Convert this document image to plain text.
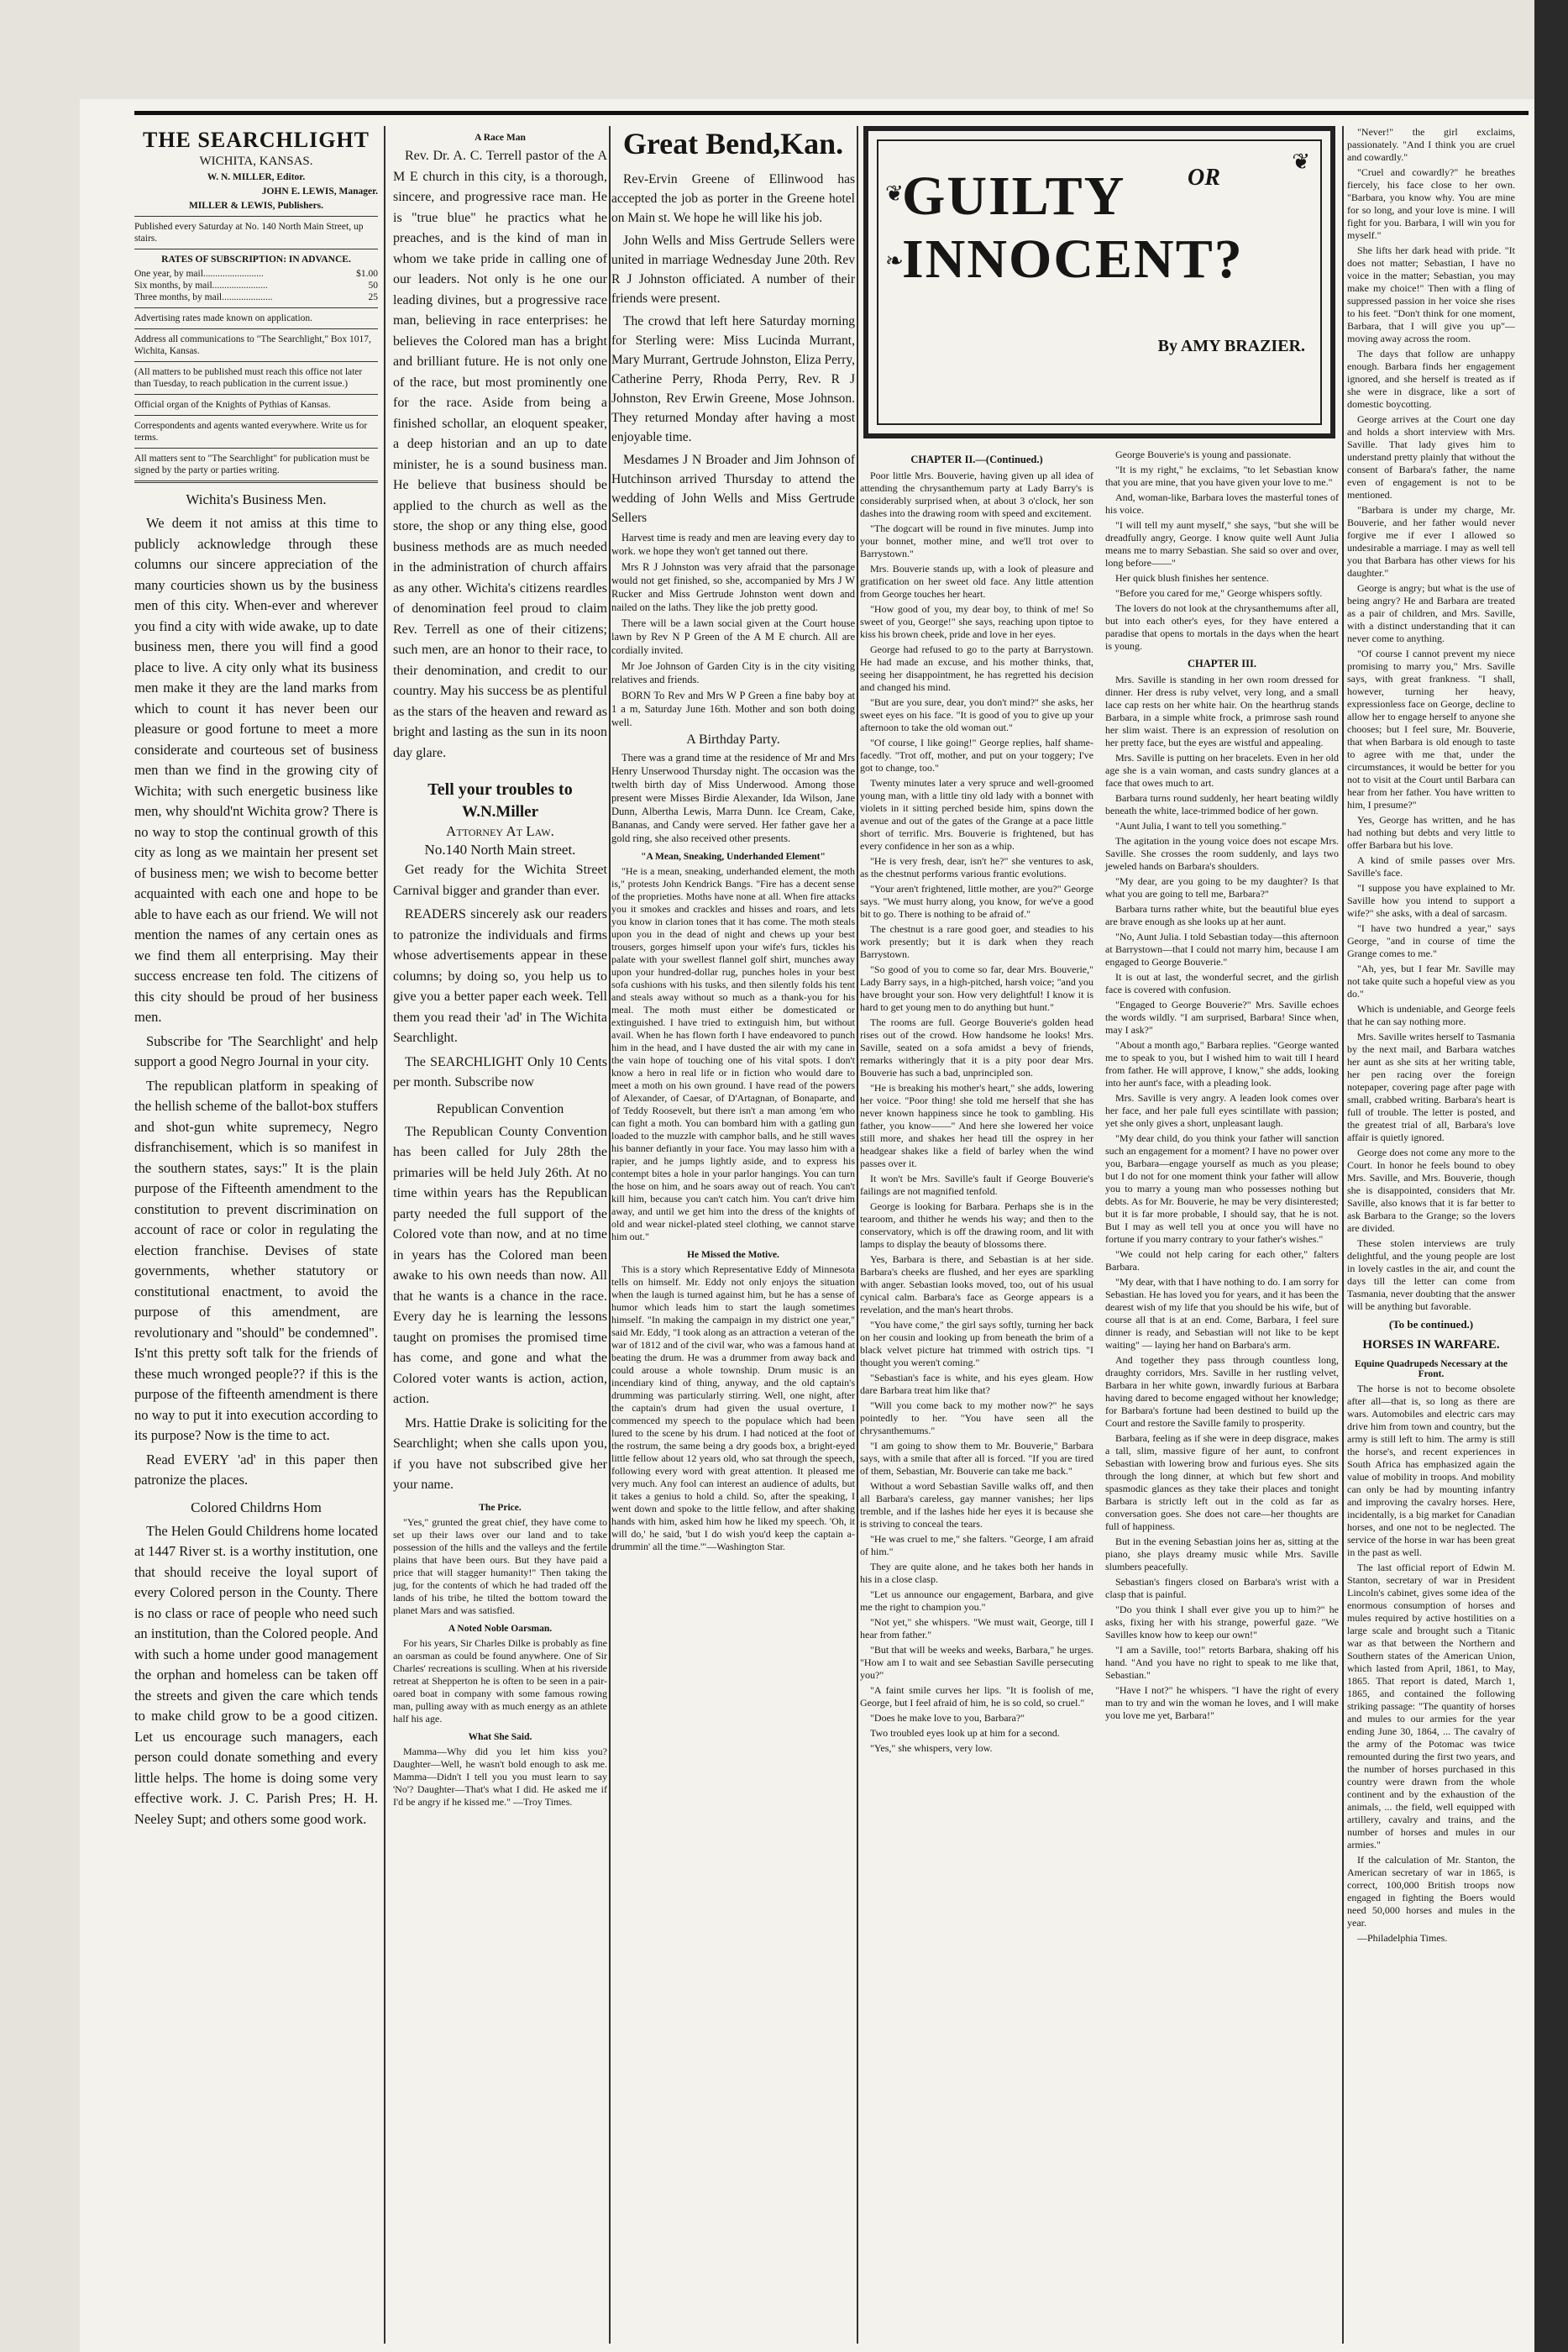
THE SEARCHLIGHT
WICHITA, KANSAS.
W. N. MILLER, Editor.
JOHN E. LEWIS, Manager.
MILLER & LEWIS, Publishers.
Published every Saturday at No. 140 North Main Street, up stairs.
RATES OF SUBSCRIPTION: IN ADVANCE.
One year, by mail.........................	$1.00
Six months, by mail.......................	50
Three months, by mail.....................	25
Advertising rates made known on application.
Address all communications to "The Searchlight," Box 1017, Wichita, Kansas.
(All matters to be published must reach this office not later than Tuesday, to reach publication in the current issue.)
Official organ of the Knights of Pythias of Kansas.
Correspondents and agents wanted everywhere. Write us for terms.
All matters sent to "The Searchlight" for publication must be signed by the party or parties writing.
Wichita's Business Men.

We deem it not amiss at this time to publicly acknowledge through these columns our sincere appreciation of the many courticies shown us by the business men of this city. When-ever and wherever you find a city with wide awake, up to date business men, there you will find a good place to live. A city only what its business men make it they are the land marks from which to count it has never been our pleasure or good fortune to meet a more considerate and courteous set of business men than we find in the growing city of Wichita; with such energetic business like men, why should'nt Wichita grow? There is no way to stop the continual growth of this city as long as we maintain her present set of business men; we wish to become better acquainted with each one and hope to be able to have each as our friend. We will not mention the names of any certain ones as we find them all enterprising. May their success encrease ten fold. The citizens of this city should be proud of her business men.

Subscribe for 'The Searchlight' and help support a good Negro Journal in your city.

The republican platform in speaking of the hellish scheme of the ballot-box stuffers and shot-gun white supremecy, Negro disfranchisement, which is so manifest in the southern states, says:" It is the plain purpose of the Fifteenth amendment to the constitution to prevent discrimination on account of race or color in regulating the election franchise. Devises of state governments, whether statutory or constitutional enactment, to avoid the purpose of this amendment, are revolutionary and "should" be condemned". Is'nt this pretty soft talk for the friends of these much wronged people?? if this is the purpose of the fifteenth amendment is there no way to put it into execution according to its purpose? Now is the time to act.

Read EVERY 'ad' in this paper then patronize the places.

Colored Childrns Hom

The Helen Gould Childrens home located at 1447 River st. is a worthy institution, one that should receive the loyal suport of every Colored person in the County. There is no class or race of people who need such an institution, than the Colored people. And with such a home under good management the orphan and homeless can be taken off the streets and given the care which tends to make child grow to be a good citizen. Let us encourage such managers, each person could donate something and every little helps. The home is doing some very effective work. J. C. Parish Pres; H. H. Neeley Supt; and others some good work.

A Race Man

Rev. Dr. A. C. Terrell pastor of the A M E church in this city, is a thorough, sincere, and progressive race man. He is "true blue" he practics what he preaches, and is the kind of man in whom we take pride in calling one of our leaders. Not only is he one our leading divines, but a progressive race man, believing in race enterprises: he believes the Colored man has a bright and brilliant future. He is not only one of the race, but most prominently one for the race. Aside from being a finished schollar, an eloquent speaker, a deep historian and an up to date minister, he is a sound business man. He believe that business should be applied to the church as well as the store, the shop or any thing else, good business methods are as much needed in the administration of church affairs as any other. Wichita's citizens reardles of denomination feel proud to claim Rev. Terrell as one of their citizens; such men, are an honor to their race, to their denomination, and credit to our country. May his success be as plentiful as the stars of the heaven and reward as bright and lasting as the sun in its noon day glare.

Tell your troubles to
W.N.Miller
Attorney At Law.
No.140 North Main street.

Get ready for the Wichita Street Carnival bigger and grander than ever.

READERS sincerely ask our readers to patronize the individuals and firms whose advertisements appear in these columns; by doing so, you help us to give you a better paper each week. Tell them you read their 'ad' in The Wichita Searchlight.

The SEARCHLIGHT Only 10 Cents per month. Subscribe now

Republican Convention

The Republican County Convention has been called for July 28th the primaries will be held July 26th. At no time within years has the Republican party needed the full support of the Colored vote than now, and at no time in years has the Colored man been awake to his own needs than now. All that he wants is a chance in the race. Every day he is learning the lessons taught on promises the promised time has come, and gone and what the Colored voter wants is action, action, action.

Mrs. Hattie Drake is soliciting for the Searchlight; when she calls upon you, if you have not subscribed give her your name.

The Price.

"Yes," grunted the great chief, they have come to set up their laws over our land and to take possession of the hills and the valleys and the fertile plains that have been ours. But they have paid a price that will stagger humanity!" Then taking the jug, for the contents of which he had traded off the lands of his tribe, he tilted the bottom toward the planet Mars and was satisfied.

A Noted Noble Oarsman.

For his years, Sir Charles Dilke is probably as fine an oarsman as could be found anywhere. One of Sir Charles' recreations is sculling. When at his riverside retreat at Shepperton he is often to be seen in a pair-oared boat in company with some famous rowing man, pulling away with as much energy as an athlete half his age.

What She Said.

Mamma—Why did you let him kiss you? Daughter—Well, he wasn't bold enough to ask me. Mamma—Didn't I tell you you must learn to say 'No'? Daughter—That's what I did. He asked me if I'd be angry if he kissed me." —Troy Times.

Great Bend,Kan.

Rev-Ervin Greene of Ellinwood has accepted the job as porter in the Greene hotel on Main st. We hope he will like his job.

John Wells and Miss Gertrude Sellers were united in marriage Wednesday June 20th. Rev R J Johnston officiated. A number of their friends were present.

The crowd that left here Saturday morning for Sterling were: Miss Lucinda Murrant, Mary Murrant, Gertrude Johnston, Eliza Perry, Catherine Perry, Rhoda Perry, Rev. R J Johnston, Rev Erwin Greene, Mose Johnson. They returned Monday after having a most enjoyable time.

Mesdames J N Broader and Jim Johnson of Hutchinson arrived Thursday to attend the wedding of John Wells and Miss Gertrude Sellers

Harvest time is ready and men are leaving every day to work. we hope they won't get tanned out there.

Mrs R J Johnston was very afraid that the parsonage would not get finished, so she, accompanied by Mrs J W Rucker and Miss Gertrude Johnston went down and nailed on the laths. They like the job pretty good.

There will be a lawn social given at the Court house lawn by Rev N P Green of the A M E church. All are cordially invited.

Mr Joe Johnson of Garden City is in the city visiting relatives and friends.

BORN To Rev and Mrs W P Green a fine baby boy at 1 a m, Saturday June 16th. Mother and son both doing well.

A Birthday Party.

There was a grand time at the residence of Mr and Mrs Henry Unserwood Thursday night. The occasion was the twelth birth day of Miss Underwood. Among those present were Misses Birdie Alexander, Ida Wilson, Jane Dunn, Albertha Lewis, Marra Dunn. Ice Cream, Cake, Bananas, and Candy were served. Her father gave her a gold ring, she also received other presents.

"A Mean, Sneaking, Underhanded Element"

"He is a mean, sneaking, underhanded element, the moth is," protests John Kendrick Bangs. "Fire has a decent sense of the proprieties. Moths have none at all. When fire attacks you it smokes and crackles and hisses and roars, and lets you know in clarion tones that it has come. The moth steals upon you in the dead of night and chews up your best trousers, gorges himself upon your wife's furs, tickles his palate with your swellest flannel golf shirt, munches away upon your hundred-dollar rug, punches holes in your best sofa cushions with his tusks, and then silently folds his tent and steals away without so much as a thank-you for his meal. The moth must either be domesticated or extinguished. I have tried to extinguish him, but without avail. When he has flown forth I have endeavored to punch him in the head, and I have dusted the air with my cane in the vain hope of touching one of his vital spots. I don't know a hero in real life or in fiction who would dare to meet a moth on his own ground. I have read of the powers of Alexander, of Caesar, of D'Artagnan, of Bonaparte, and of Teddy Roosevelt, but there isn't a man among 'em who can fight a moth. You can bombard him with a gatling gun loaded to the muzzle with camphor balls, and he still waves his banner defiantly in your face. You may lasso him with a rapier, and he jumps lightly aside, and to express his contempt bites a hole in your parlor hangings. You can turn the hose on him, and he soars away out of reach. You can't kill him, because you can't catch him. You can't drive him away, and until we get him into the dress of the knights of old and wear nickel-plated steel clothing, we cannot starve him out."

He Missed the Motive.

This is a story which Representative Eddy of Minnesota tells on himself. Mr. Eddy not only enjoys the situation when the laugh is turned against him, but he has a sense of humor which leads him to start the laugh sometimes himself. "In making the campaign in my district one year," said Mr. Eddy, "I took along as an attraction a veteran of the war of 1812 and of the civil war, who was a famous hand at beating the drum. He was a drummer from away back and could arouse a whole township. Drum music is an incendiary kind of thing, anyway, and the old captain's drumming was particularly stirring. Well, one night, after the captain's drum had given the usual overture, I commenced my speech to the populace which had been lured to the scene by his drum. I had noticed at the foot of the rostrum, the same being a dry goods box, a bright-eyed little fellow about 12 years old, who sat through the speech, following every word with great attention. It pleased me very much. Any fool can interest an audience of adults, but it takes a genius to hold a child. So, after the speaking, I went down and spoke to the little fellow, and after shaking hands with him, asked him how he liked my speech. 'Oh, it will do,' he said, 'but I do wish you'd keep the captain a-drummin' all the time.'"—Washington Star.

❦
❧
❦
GUILTY	OR
INNOCENT?
By AMY BRAZIER.
CHAPTER II.—(Continued.)

Poor little Mrs. Bouverie, having given up all idea of attending the chrysanthemum party at Lady Barry's is considerably surprised when, at about 3 o'clock, her son dashes into the drawing room with speed and excitement.

"The dogcart will be round in five minutes. Jump into your bonnet, mother mine, and we'll trot over to Barrystown."

Mrs. Bouverie stands up, with a look of pleasure and gratification on her sweet old face. Any little attention from George touches her heart.

"How good of you, my dear boy, to think of me! So sweet of you, George!" she says, reaching upon tiptoe to kiss his brown cheek, pride and love in her eyes.

George had refused to go to the party at Barrystown. He had made an excuse, and his mother thinks, that, seeing her disappointment, he has regretted his decision and changed his mind.

"But are you sure, dear, you don't mind?" she asks, her sweet eyes on his face. "It is good of you to give up your afternoon to take the old woman out."

"Of course, I like going!" George replies, half shame-facedly. "Trot off, mother, and put on your toggery; I've got to change, too."

Twenty minutes later a very spruce and well-groomed young man, with a little tiny old lady with a bonnet with violets in it sitting perched beside him, spins down the avenue and out of the gates of the Grange at a pace little short of terrific. Mrs. Bouverie is frightened, but has every confidence in her son as a whip.

"He is very fresh, dear, isn't he?" she ventures to ask, as the chestnut performs various frantic evolutions.

"Your aren't frightened, little mother, are you?" George says. "We must hurry along, you know, for we've a good bit to go. There is nothing to be afraid of."

The chestnut is a rare good goer, and steadies to his work presently; but it is dark when they reach Barrystown.

"So good of you to come so far, dear Mrs. Bouverie," Lady Barry says, in a high-pitched, harsh voice; "and you have brought your son. How very delightful! I know it is hard to get young men to do anything but hunt."

The rooms are full. George Bouverie's golden head rises out of the crowd. How handsome he looks! Mrs. Saville, seated on a sofa amidst a bevy of friends, remarks witheringly that it is a pity poor dear Mrs. Bouverie has such a bad, unprincipled son.

"He is breaking his mother's heart," she adds, lowering her voice. "Poor thing! she told me herself that she has never known happiness since he took to gambling. His father, you know——" And here she lowered her voice still more, and shakes her head till the osprey in her headgear shakes like a field of barley when the wind passes over it.

It won't be Mrs. Saville's fault if George Bouverie's failings are not magnified tenfold.

George is looking for Barbara. Perhaps she is in the tearoom, and thither he wends his way; and then to the conservatory, which is off the drawing room, and lit with lamps to display the beauty of blossoms there.

Yes, Barbara is there, and Sebastian is at her side. Barbara's cheeks are flushed, and her eyes are sparkling with anger. Sebastian looks moved, too, out of his usual cynical calm. Barbara's face as George appears is a revelation, and the man's heart throbs.

"You have come," the girl says softly, turning her back on her cousin and looking up from beneath the brim of a black velvet picture hat trimmed with ostrich tips. "I thought you weren't coming."

"Sebastian's face is white, and his eyes gleam. How dare Barbara treat him like that?

"Will you come back to my mother now?" he says pointedly to her. "You have seen all the chrysanthemums."

"I am going to show them to Mr. Bouverie," Barbara says, with a smile that after all is forced. "If you are tired of them, Sebastian, Mr. Bouverie can take me back."

Without a word Sebastian Saville walks off, and then all Barbara's careless, gay manner vanishes; her lips tremble, and if the lashes hide her eyes it is because she is striving to conceal the tears.

"He was cruel to me," she falters. "George, I am afraid of him."

They are quite alone, and he takes both her hands in his in a close clasp.

"Let us announce our engagement, Barbara, and give me the right to champion you."

"Not yet," she whispers. "We must wait, George, till I hear from father."

"But that will be weeks and weeks, Barbara," he urges. "How am I to wait and see Sebastian Saville persecuting you?"

"A faint smile curves her lips. "It is foolish of me, George, but I feel afraid of him, he is so cold, so cruel."

"Does he make love to you, Barbara?"

Two troubled eyes look up at him for a second.

"Yes," she whispers, very low.

George Bouverie's is young and passionate.

"It is my right," he exclaims, "to let Sebastian know that you are mine, that you have given your love to me."

And, woman-like, Barbara loves the masterful tones of his voice.

"I will tell my aunt myself," she says, "but she will be dreadfully angry, George. I know quite well Aunt Julia means me to marry Sebastian. She said so over and over, long before——"

Her quick blush finishes her sentence.

"Before you cared for me," George whispers softly.

The lovers do not look at the chrysanthemums after all, but into each other's eyes, for they have entered a paradise that opens to mortals in the days when the heart is young.

CHAPTER III.

Mrs. Saville is standing in her own room dressed for dinner. Her dress is ruby velvet, very long, and a small lace cap rests on her white hair. On the hearthrug stands Barbara, in a simple white frock, a primrose sash round her slim waist. There is an expression of resolution on her pretty face, but the eyes are wistful and appealing.

Mrs. Saville is putting on her bracelets. Even in her old age she is a vain woman, and casts sundry glances at a face that owes much to art.

Barbara turns round suddenly, her heart beating wildly beneath the white, lace-trimmed bodice of her gown.

"Aunt Julia, I want to tell you something."

The agitation in the young voice does not escape Mrs. Saville. She crosses the room suddenly, and lays two jeweled hands on Barbara's shoulders.

"My dear, are you going to be my daughter? Is that what you are going to tell me, Barbara?"

Barbara turns rather white, but the beautiful blue eyes are brave enough as she looks up at her aunt.

"No, Aunt Julia. I told Sebastian today—this afternoon at Barrystown—that I could not marry him, because I am engaged to George Bouverie."

It is out at last, the wonderful secret, and the girlish face is covered with confusion.

"Engaged to George Bouverie?" Mrs. Saville echoes the words wildly. "I am surprised, Barbara! Since when, may I ask?"

"About a month ago," Barbara replies. "George wanted me to speak to you, but I wished him to wait till I heard from father. He will approve, I know," she adds, looking into her aunt's face, with a pleading look.

Mrs. Saville is very angry. A leaden look comes over her face, and her pale full eyes scintillate with passion; yet she only gives a short, unpleasant laugh.

"My dear child, do you think your father will sanction such an engagement for a moment? I have no power over you, Barbara—engage yourself as much as you please; but I do not for one moment think your father will allow you to marry a young man who possesses nothing but debts. As for Mr. Bouverie, he may be very disinterested; but it is far more probable, I should say, that he is not. But I may as well tell you at once you will have no fortune if you marry contrary to your father's wishes."

"We could not help caring for each other," falters Barbara.

"My dear, with that I have nothing to do. I am sorry for Sebastian. He has loved you for years, and it has been the dearest wish of my life that you should be his wife, but of course all that is at an end. Come, Barbara, I feel sure dinner is ready, and Sebastian will not like to be kept waiting" — laying her hand on Barbara's arm.

And together they pass through countless long, draughty corridors, Mrs. Saville in her rustling velvet, Barbara in her white gown, inwardly furious at Barbara having dared to become engaged without her knowledge; for Barbara's fortune had been destined to build up the Court and restore the Saville family to prosperity.

Barbara, feeling as if she were in deep disgrace, makes a tall, slim, massive figure of her aunt, to confront Sebastian with lowering brow and furious eyes. She sits through the long dinner, at which but few short and spasmodic glances as they take their places and tonight Barbara is strictly left out in the cold as far as conversation goes. She does not care—her thoughts are full of happiness.

But in the evening Sebastian joins her as, sitting at the piano, she plays dreamy music while Mrs. Saville slumbers peacefully.

Sebastian's fingers closed on Barbara's wrist with a clasp that is painful.

"Do you think I shall ever give you up to him?" he asks, fixing her with his strange, powerful gaze. "We Savilles know how to keep our own!"

"I am a Saville, too!" retorts Barbara, shaking off his hand. "And you have no right to speak to me like that, Sebastian."

"Have I not?" he whispers. "I have the right of every man to try and win the woman he loves, and I will make you love me yet, Barbara!"

"Never!" the girl exclaims, passionately. "And I think you are cruel and cowardly."

"Cruel and cowardly?" he breathes fiercely, his face close to her own. "Barbara, you know why. You are mine for so long, and your love is mine. I will fight for you. Barbara, I will win you for myself."

She lifts her dark head with pride. "It does not matter; Sebastian, I have no voice in the matter; Sebastian, you may make my choice!" Then with a fling of suppressed passion in her voice she rises to his feet. "Don't think for one moment, Barbara, that I will give you up"—moving away across the room.

The days that follow are unhappy enough. Barbara finds her engagement ignored, and she herself is treated as if she were in disgrace, like a sort of domestic boycotting.

George arrives at the Court one day and holds a short interview with Mrs. Saville. That lady gives him to understand pretty plainly that without the consent of Barbara's father, the name even of engagement is not to be mentioned.

"Barbara is under my charge, Mr. Bouverie, and her father would never forgive me if ever I allowed so undesirable a marriage. I may as well tell you that Barbara has other views for his daughter."

George is angry; but what is the use of being angry? He and Barbara are treated as a pair of children, and Mrs. Saville, with a distinct understanding that it can never come to anything.

"Of course I cannot prevent my niece promising to marry you," Mrs. Saville says, with great frankness. "I shall, however, turning her heavy, expressionless face on George, decline to allow her to engage herself to anyone she chooses; but I feel sure, Mr. Bouverie, that when Barbara is old enough to taste to agree with me that, under the circumstances, it would be better for you not to visit at the Court until Barbara can hear from her father. You have written to him, I presume?"

Yes, George has written, and he has had nothing but debts and very little to offer Barbara but his love.

A kind of smile passes over Mrs. Saville's face.

"I suppose you have explained to Mr. Saville how you intend to support a wife?" she asks, with a deal of sarcasm.

"I have two hundred a year," says George, "and in course of time the Grange comes to me."

"Ah, yes, but I fear Mr. Saville may not take quite such a hopeful view as you do."

Which is undeniable, and George feels that he can say nothing more.

Mrs. Saville writes herself to Tasmania by the next mail, and Barbara watches her aunt as she sits at her writing table, her pen racing over the foreign notepaper, covering page after page with small, crabbed writing. Barbara's heart is full of trouble. The letter is posted, and the greatest trial of all, Barbara's love affair is quietly ignored.

George does not come any more to the Court. In honor he feels bound to obey Mrs. Saville, and Mrs. Bouverie, though she is disappointed, considers that Mr. Saville, also knows that it is far better to ask Barbara to the Grange; so the lovers are divided.

These stolen interviews are truly delightful, and the young people are lost in lovely castles in the air, and count the days till the letter can come from Tasmania, never doubting that the answer will be anything but favorable.

(To be continued.)
HORSES IN WARFARE.
Equine Quadrupeds Necessary at the Front.

The horse is not to become obsolete after all—that is, so long as there are wars. Automobiles and electric cars may drive him from town and country, but the army is still left to him. The army is still the horse's, and recent experiences in South Africa has emphasized again the value of mobility in troops. And mobility can only be had by mounting infantry and improving the cavalry horses. Here, incidentally, is a big market for Canadian horses, and one not to be neglected. The service of the horse in war has been great in the past as well.

The last official report of Edwin M. Stanton, secretary of war in President Lincoln's cabinet, gives some idea of the enormous consumption of horses and mules required by active hostilities on a large scale and brought such a Titanic war as that between the Northern and Southern states of the American Union, which lasted from April, 1861, to May, 1865. That report is dated, March 1, 1865, and contained the following striking passage: "The quantity of horses and mules to our armies for the year ending June 30, 1864, ... The cavalry of the army of the Potomac was twice remounted during the first two years, and the number of horses purchased in this country were drawn from the whole continent and by the exhaustion of the animals, ... the field, well equipped with artillery, cavalry and trains, and the number of horses and mules in our armies."

If the calculation of Mr. Stanton, the American secretary of war in 1865, is correct, 100,000 British troops now engaged in fighting the Boers would need 50,000 horses and mules in the year.

—Philadelphia Times.
